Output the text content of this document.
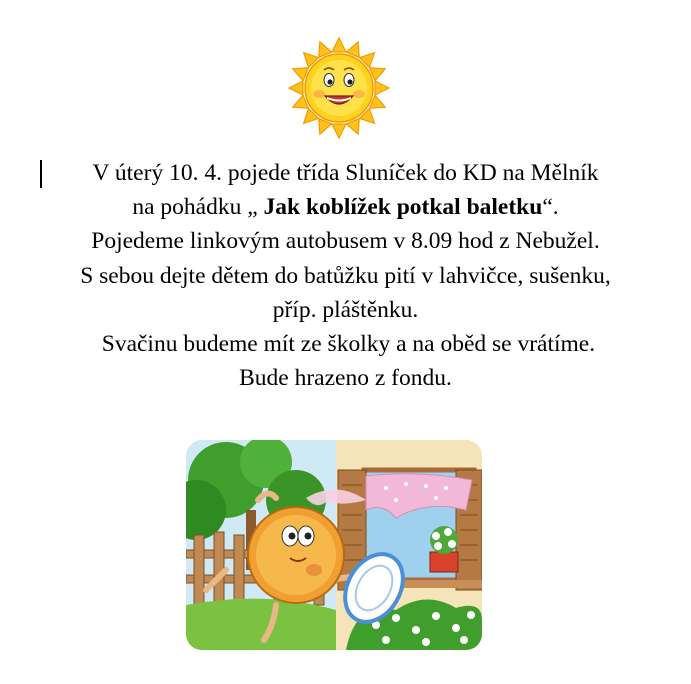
V úterý 10. 4. pojede třída Sluníček do KD na Mělník
na pohádku „ Jak koblížek potkal baletku“.
Pojedeme linkovým autobusem v 8.09 hod z Nebužel.
S sebou dejte dětem do batůžku pití v lahvičce, sušenku,
příp. pláštěnku.
Svačinu budeme mít ze školky a na oběd se vrátíme.
Bude hrazeno z fondu.
